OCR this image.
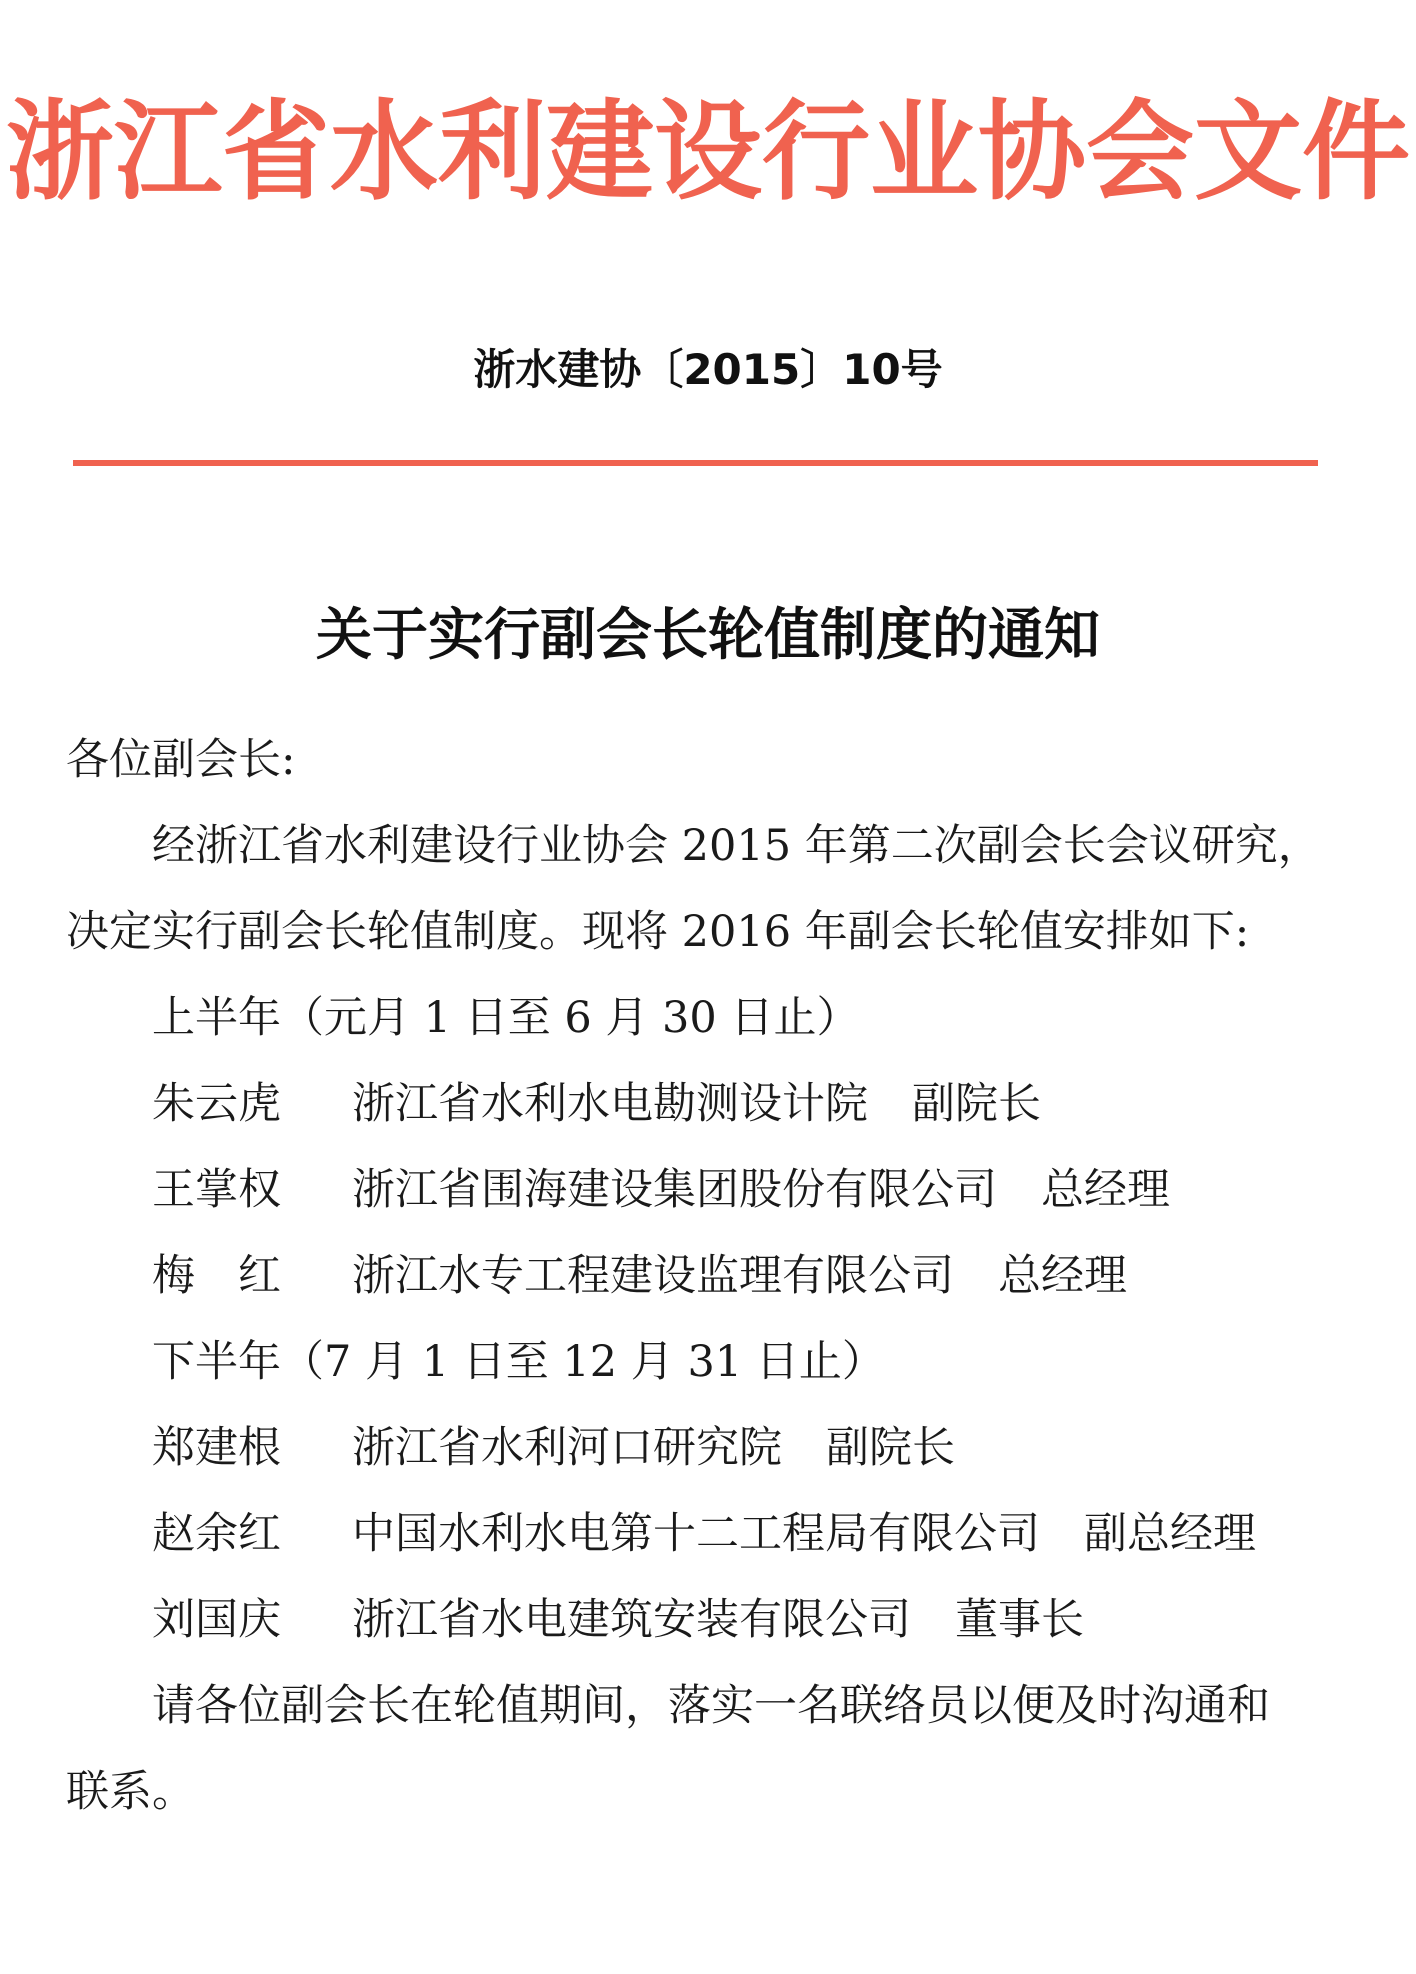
浙江省水利建设行业协会文件
浙水建协〔2015〕10号
关于实行副会长轮值制度的通知
各位副会长:
经浙江省水利建设行业协会 2015 年第二次副会长会议研究，
决定实行副会长轮值制度。现将 2016 年副会长轮值安排如下:
上半年（元月 1 日至 6 月 30 日止）
朱云虎 浙江省水利水电勘测设计院 副院长
王掌权 浙江省围海建设集团股份有限公司 总经理
梅　红 浙江水专工程建设监理有限公司 总经理
下半年（7 月 1 日至 12 月 31 日止）
郑建根 浙江省水利河口研究院 副院长
赵余红 中国水利水电第十二工程局有限公司 副总经理
刘国庆 浙江省水电建筑安装有限公司 董事长
请各位副会长在轮值期间，落实一名联络员以便及时沟通和
联系。
